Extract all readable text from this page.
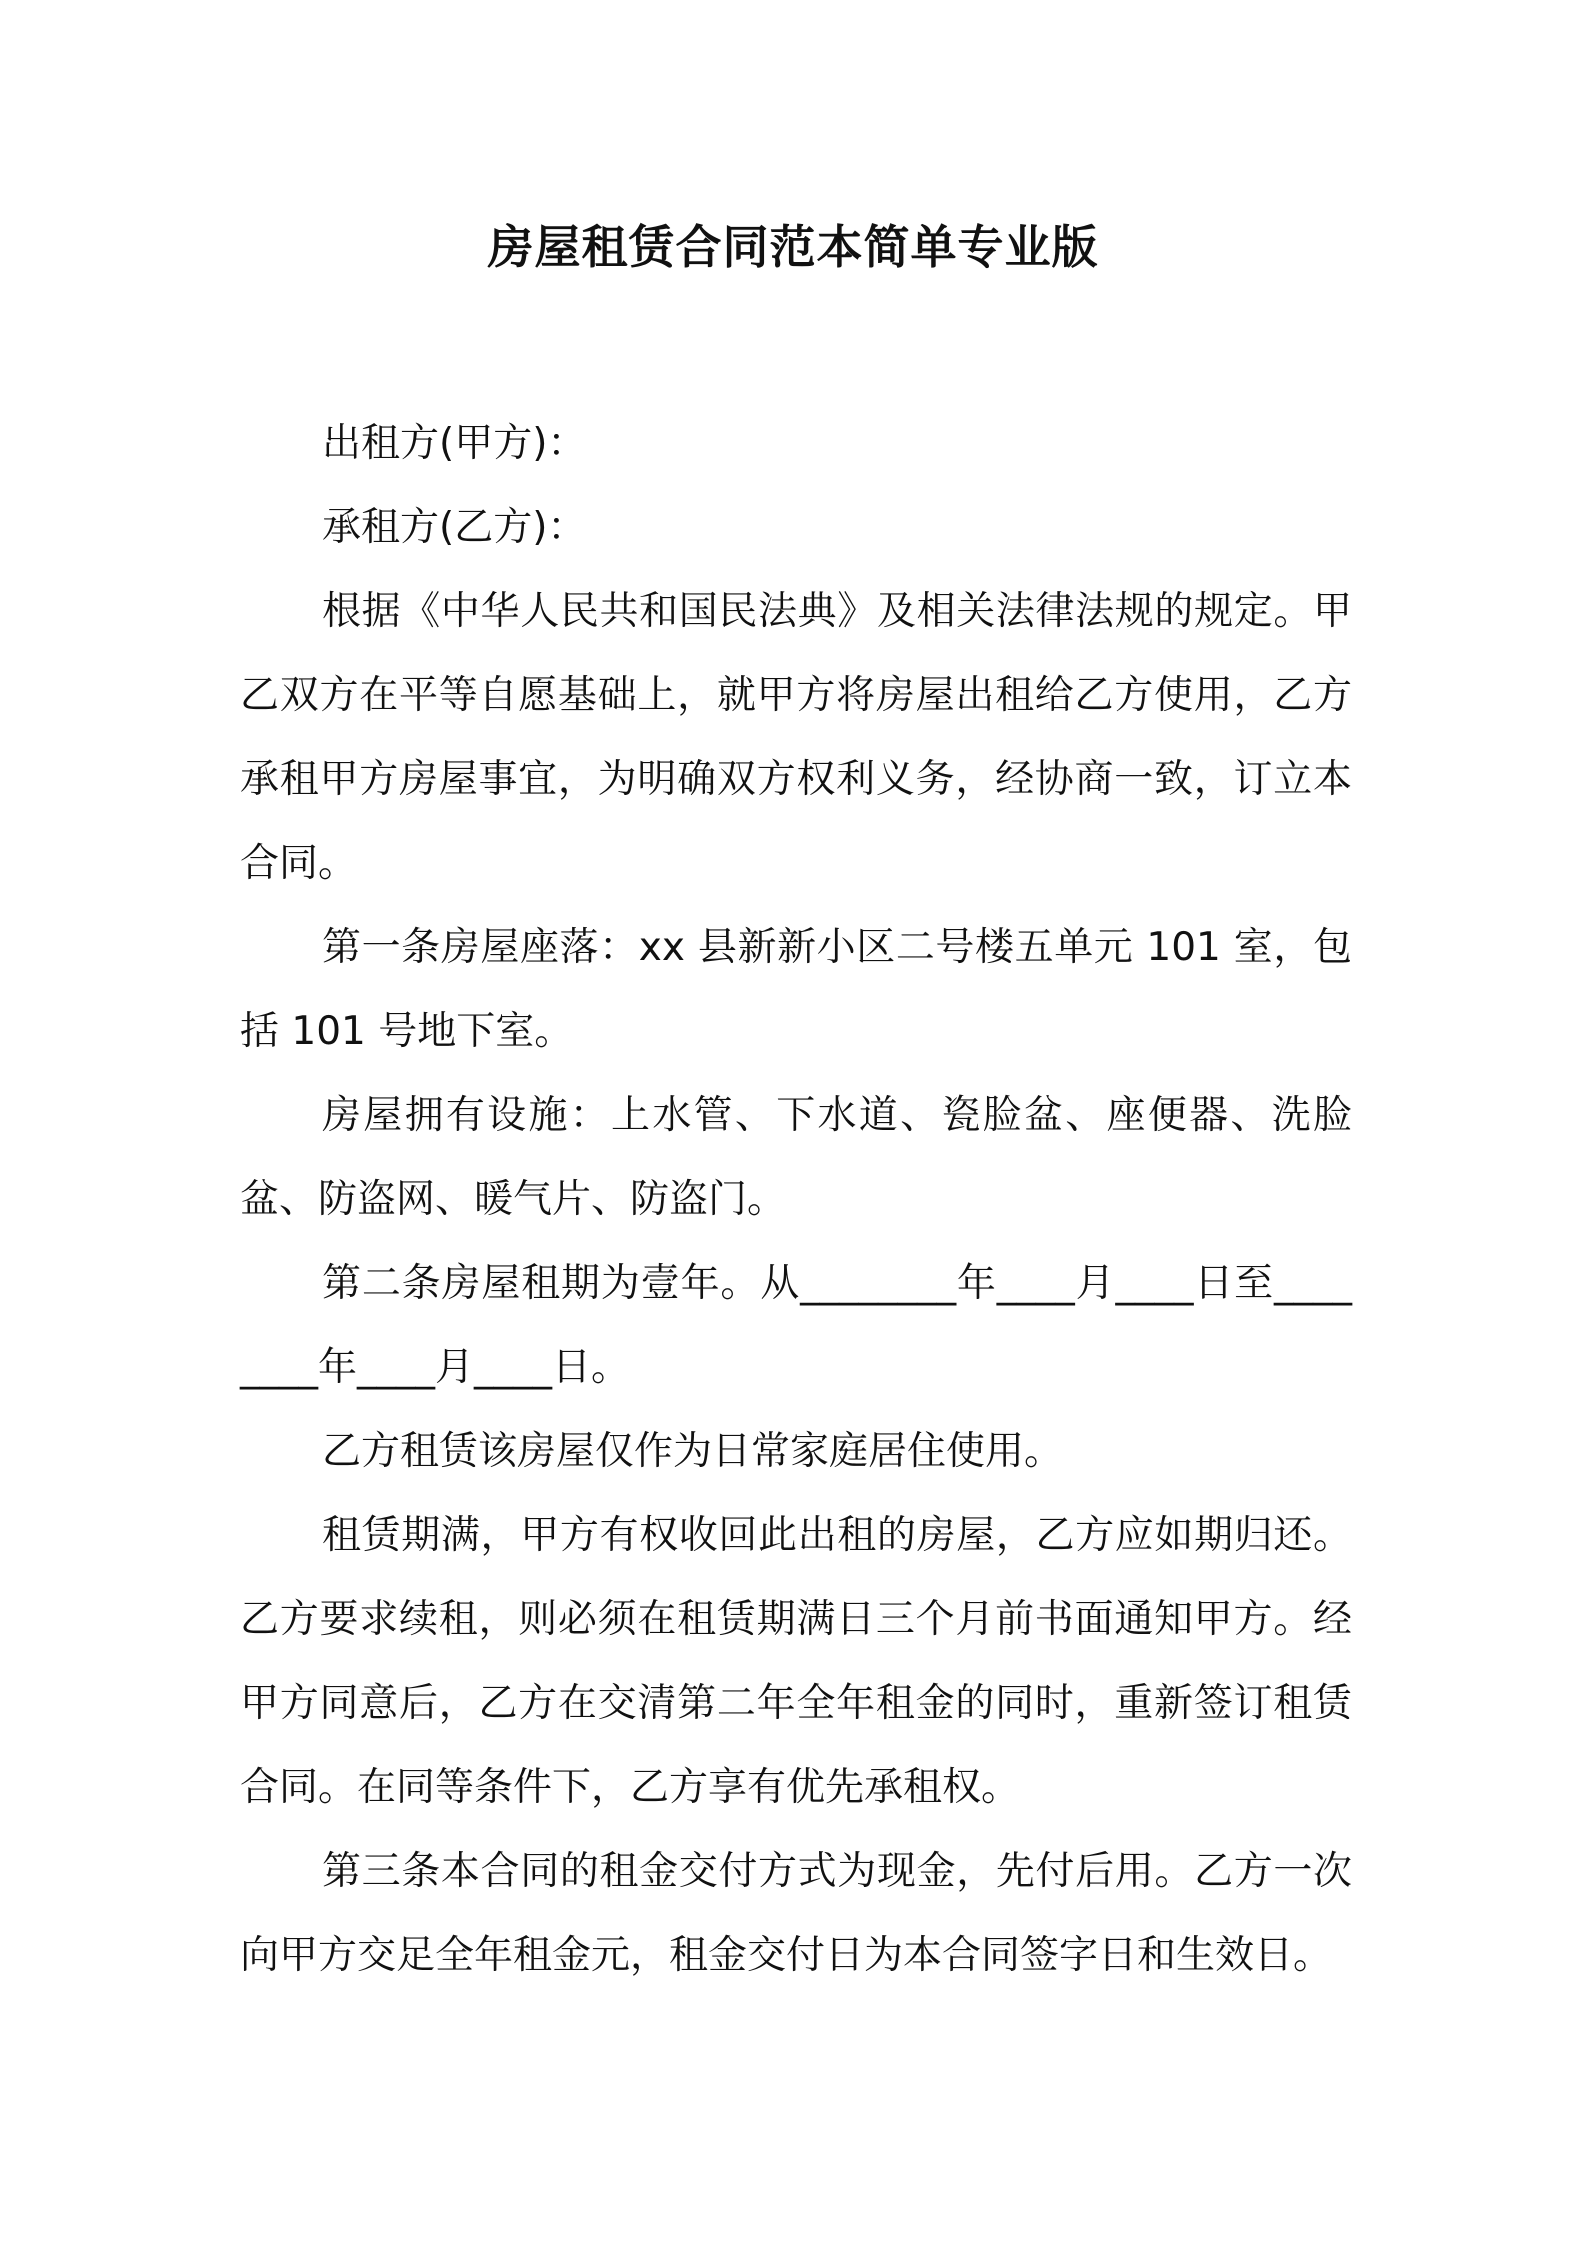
房屋租赁合同范本简单专业版

出租方(甲方)：

承租方(乙方)：

根据《中华人民共和国民法典》及相关法律法规的规定。甲乙双方在平等自愿基础上，就甲方将房屋出租给乙方使用，乙方承租甲方房屋事宜，为明确双方权利义务，经协商一致，订立本合同。

第一条房屋座落：xx 县新新小区二号楼五单元 101 室，包括 101 号地下室。

房屋拥有设施：上水管、下水道、瓷脸盆、座便器、洗脸盆、防盗网、暖气片、防盗门。

第二条房屋租期为壹年。从________年____月____日至________年____月____日。

乙方租赁该房屋仅作为日常家庭居住使用。

租赁期满，甲方有权收回此出租的房屋，乙方应如期归还。乙方要求续租，则必须在租赁期满日三个月前书面通知甲方。经甲方同意后，乙方在交清第二年全年租金的同时，重新签订租赁合同。在同等条件下，乙方享有优先承租权。

第三条本合同的租金交付方式为现金，先付后用。乙方一次向甲方交足全年租金元，租金交付日为本合同签字日和生效日。
